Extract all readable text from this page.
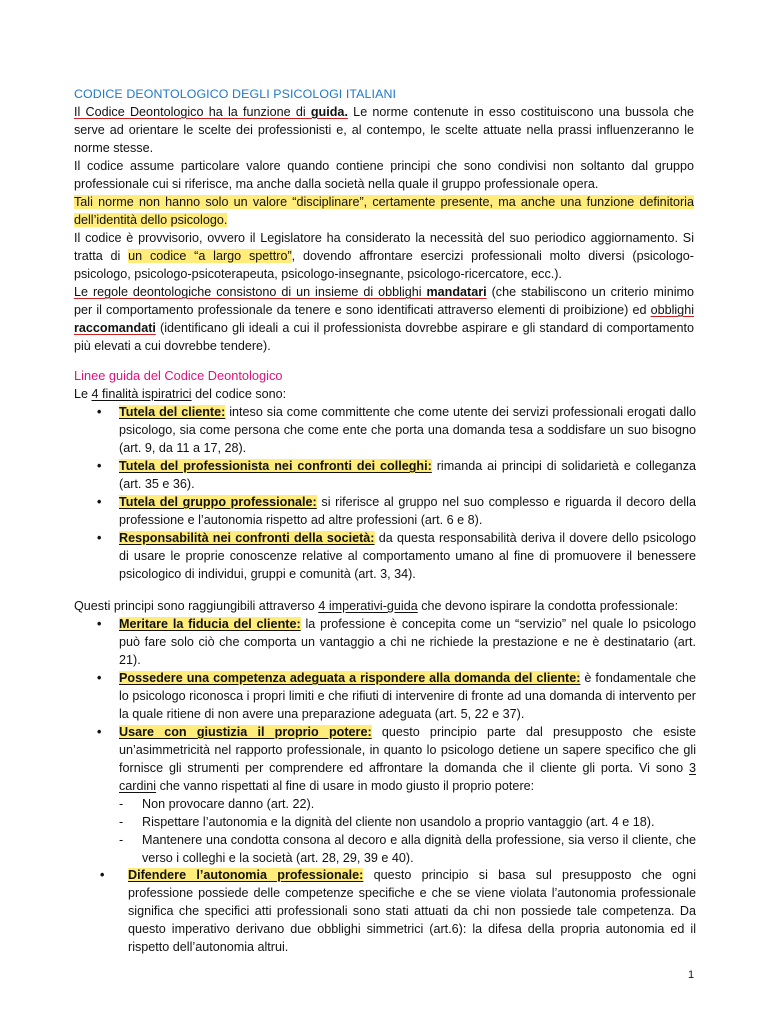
CODICE DEONTOLOGICO DEGLI PSICOLOGI ITALIANI
Il Codice Deontologico ha la funzione di guida. Le norme contenute in esso costituiscono una bussola che serve ad orientare le scelte dei professionisti e, al contempo, le scelte attuate nella prassi influenzeranno le norme stesse.
Il codice assume particolare valore quando contiene principi che sono condivisi non soltanto dal gruppo professionale cui si riferisce, ma anche dalla società nella quale il gruppo professionale opera.
Tali norme non hanno solo un valore “disciplinare”, certamente presente, ma anche una funzione definitoria dell’identità dello psicologo.
Il codice è provvisorio, ovvero il Legislatore ha considerato la necessità del suo periodico aggiornamento. Si tratta di un codice “a largo spettro”, dovendo affrontare esercizi professionali molto diversi (psicologo-psicologo, psicologo-psicoterapeuta, psicologo-insegnante, psicologo-ricercatore, ecc.).
Le regole deontologiche consistono di un insieme di obblighi mandatari (che stabiliscono un criterio minimo per il comportamento professionale da tenere e sono identificati attraverso elementi di proibizione) ed obblighi raccomandati (identificano gli ideali a cui il professionista dovrebbe aspirare e gli standard di comportamento più elevati a cui dovrebbe tendere).
Linee guida del Codice Deontologico
Le 4 finalità ispiratrici del codice sono:
• Tutela del cliente: inteso sia come committente che come utente dei servizi professionali erogati dallo psicologo, sia come persona che come ente che porta una domanda tesa a soddisfare un suo bisogno (art. 9, da 11 a 17, 28).
• Tutela del professionista nei confronti dei colleghi: rimanda ai principi di solidarietà e colleganza (art. 35 e 36).
• Tutela del gruppo professionale: si riferisce al gruppo nel suo complesso e riguarda il decoro della professione e l’autonomia rispetto ad altre professioni (art. 6 e 8).
• Responsabilità nei confronti della società: da questa responsabilità deriva il dovere dello psicologo di usare le proprie conoscenze relative al comportamento umano al fine di promuovere il benessere psicologico di individui, gruppi e comunità (art. 3, 34).
Questi principi sono raggiungibili attraverso 4 imperativi-guida che devono ispirare la condotta professionale:
• Meritare la fiducia del cliente: la professione è concepita come un “servizio” nel quale lo psicologo può fare solo ciò che comporta un vantaggio a chi ne richiede la prestazione e ne è destinatario (art. 21).
• Possedere una competenza adeguata a rispondere alla domanda del cliente: è fondamentale che lo psicologo riconosca i propri limiti e che rifiuti di intervenire di fronte ad una domanda di intervento per la quale ritiene di non avere una preparazione adeguata (art. 5, 22 e 37).
• Usare con giustizia il proprio potere: questo principio parte dal presupposto che esiste un’asimmetricità nel rapporto professionale, in quanto lo psicologo detiene un sapere specifico che gli fornisce gli strumenti per comprendere ed affrontare la domanda che il cliente gli porta. Vi sono 3 cardini che vanno rispettati al fine di usare in modo giusto il proprio potere:
- Non provocare danno (art. 22).
- Rispettare l’autonomia e la dignità del cliente non usandolo a proprio vantaggio (art. 4 e 18).
- Mantenere una condotta consona al decoro e alla dignità della professione, sia verso il cliente, che verso i colleghi e la società (art. 28, 29, 39 e 40).
• Difendere l’autonomia professionale: questo principio si basa sul presupposto che ogni professione possiede delle competenze specifiche e che se viene violata l’autonomia professionale significa che specifici atti professionali sono stati attuati da chi non possiede tale competenza. Da questo imperativo derivano due obblighi simmetrici (art.6): la difesa della propria autonomia ed il rispetto dell’autonomia altrui.
1
